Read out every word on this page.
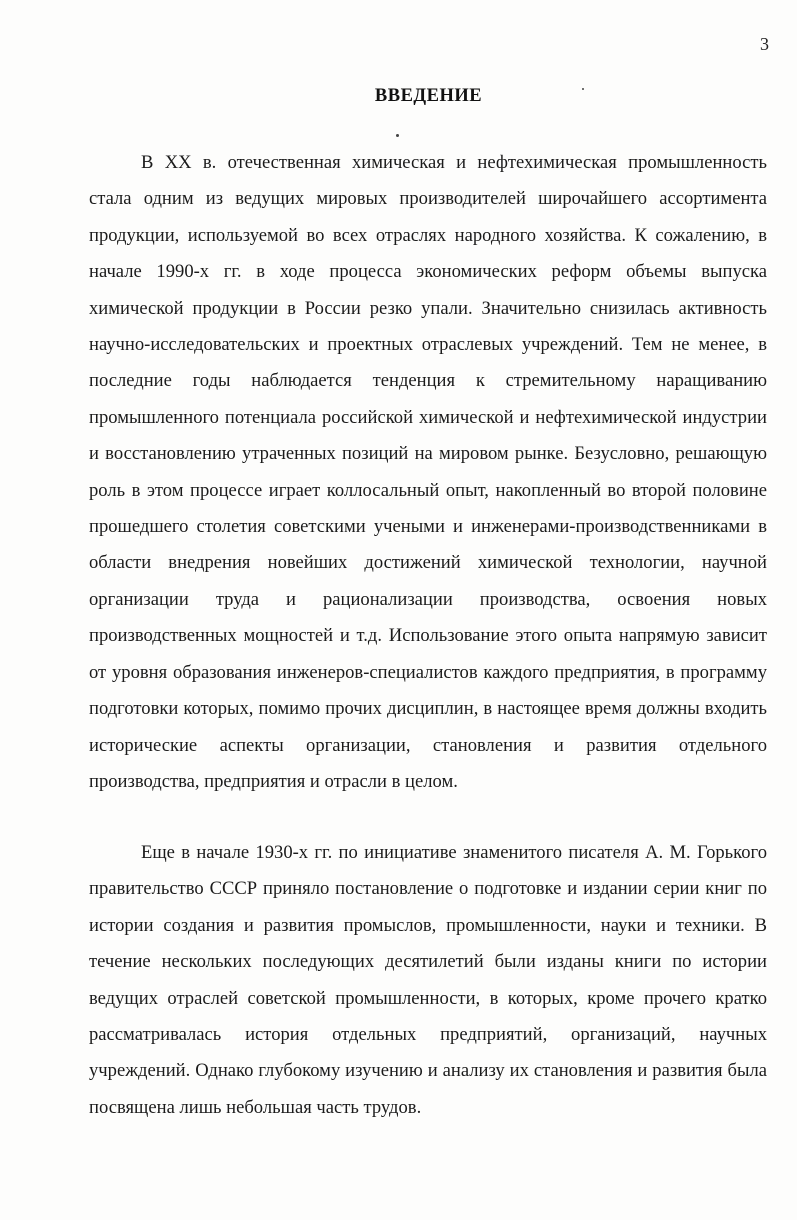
3
ВВЕДЕНИЕ

В XX в. отечественная химическая и нефтехимическая промышленность стала одним из ведущих мировых производителей широчайшего ассортимента продукции, используемой во всех отраслях народного хозяйства. К сожалению, в начале 1990-х гг. в ходе процесса экономических реформ объемы выпуска химической продукции в России резко упали. Значительно снизилась активность научно-исследовательских и проектных отраслевых учреждений. Тем не менее, в последние годы наблюдается тенденция к стремительному наращиванию промышленного потенциала российской химической и нефтехимической индустрии и восстановлению утраченных позиций на мировом рынке. Безусловно, решающую роль в этом процессе играет коллосальный опыт, накопленный во второй половине прошедшего столетия советскими учеными и инженерами-производственниками в области внедрения новейших достижений химической технологии, научной организации труда и рационализации производства, освоения новых производственных мощностей и т.д. Использование этого опыта напрямую зависит от уровня образования инженеров-специалистов каждого предприятия, в программу подготовки которых, помимо прочих дисциплин, в настоящее время должны входить исторические аспекты организации, становления и развития отдельного производства, предприятия и отрасли в целом.

Еще в начале 1930-х гг. по инициативе знаменитого писателя А. М. Горького правительство СССР приняло постановление о подготовке и издании серии книг по истории создания и развития промыслов, промышленности, науки и техники. В течение нескольких последующих десятилетий были изданы книги по истории ведущих отраслей советской промышленности, в которых, кроме прочего кратко рассматривалась история отдельных предприятий, организаций, научных учреждений. Однако глубокому изучению и анализу их становления и развития была посвящена лишь небольшая часть трудов.
